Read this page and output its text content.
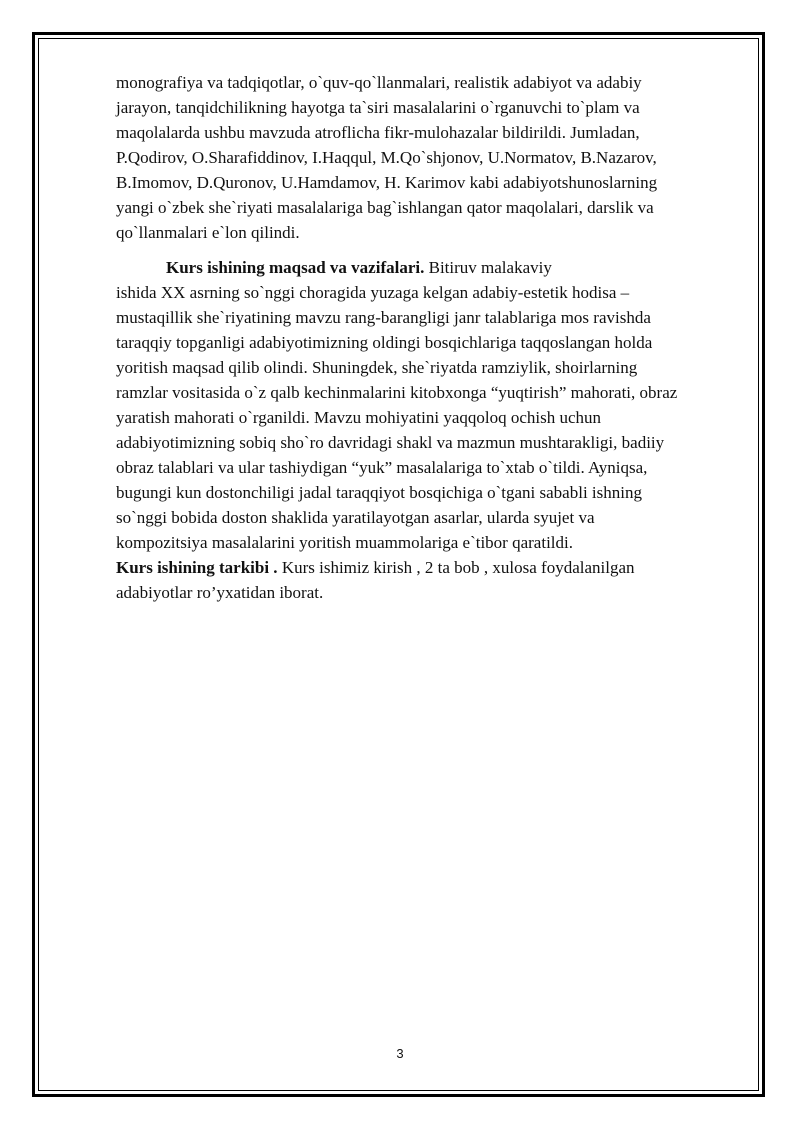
monografiya va tadqiqotlar, o`quv-qo`llanmalari, realistik adabiyot va adabiy
jarayon, tanqidchilikning hayotga ta`siri masalalarini o`rganuvchi to`plam va
maqolalarda ushbu mavzuda atroflicha fikr-mulohazalar bildirildi. Jumladan,
P.Qodirov, O.Sharafiddinov, I.Haqqul, M.Qo`shjonov, U.Normatov, B.Nazarov,
B.Imomov, D.Quronov, U.Hamdamov, H. Karimov kabi adabiyotshunoslarning
yangi o`zbek she`riyati masalalariga bag`ishlangan qator maqolalari, darslik va
qo`llanmalari e`lon qilindi.

Kurs ishining maqsad va vazifalari. Bitiruv malakaviy
ishida XX asrning so`nggi choragida yuzaga kelgan adabiy-estetik hodisa –
mustaqillik she`riyatining mavzu rang-barangligi janr talablariga mos ravishda
taraqqiy topganligi adabiyotimizning oldingi bosqichlariga taqqoslangan holda
yoritish maqsad qilib olindi. Shuningdek, she`riyatda ramziylik, shoirlarning
ramzlar vositasida o`z qalb kechinmalarini kitobxonga “yuqtirish” mahorati, obraz
yaratish mahorati o`rganildi. Mavzu mohiyatini yaqqoloq ochish uchun
adabiyotimizning sobiq sho`ro davridagi shakl va mazmun mushtarakligi, badiiy
obraz talablari va ular tashiydigan “yuk” masalalariga to`xtab o`tildi. Ayniqsa,
bugungi kun dostonchiligi jadal taraqqiyot bosqichiga o`tgani sababli ishning
so`nggi bobida doston shaklida yaratilayotgan asarlar, ularda syujet va
kompozitsiya masalalarini yoritish muammolariga e`tibor qaratildi.

Kurs ishining tarkibi . Kurs ishimiz kirish , 2 ta bob , xulosa foydalanilgan
adabiyotlar ro’yxatidan iborat.

3
